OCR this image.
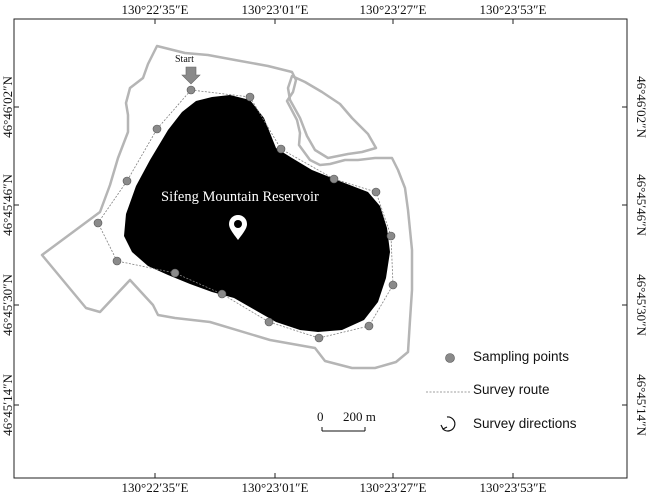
130°22′35″E	130°23′01″E	130°23′27″E	130°23′53″E
130°22′35″E	130°23′01″E	130°23′27″E	130°23′53″E
46°46′02″N
46°45′46″N
46°45′30″N
46°45′14″N
46°46′02″N
46°45′46″N
46°45′30″N
46°45′14″N
Sifeng Mountain Reservoir
Start
Sampling points
Survey route
Survey directions
0 200 m
